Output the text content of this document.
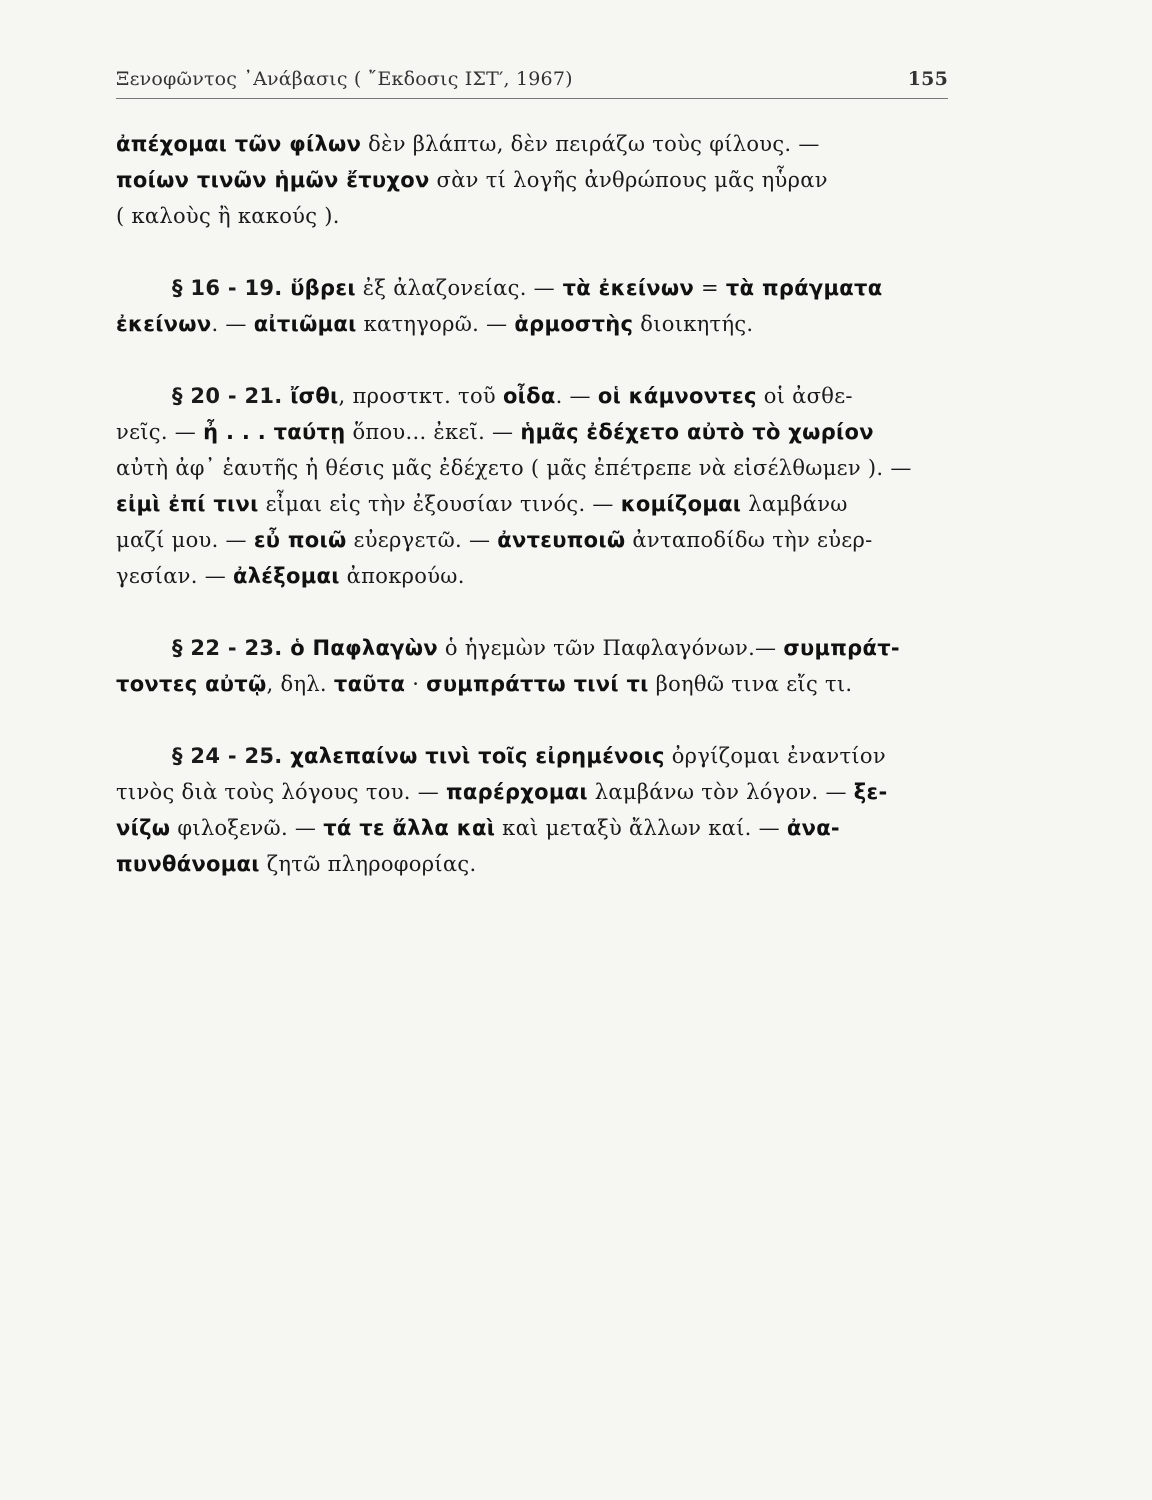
Ξενοφῶντος ᾿Ανάβασις ( ῎Εκδοσις ΙΣΤ′, 1967)	155
ἀπέχομαι τῶν φίλων δὲν βλάπτω, δὲν πειράζω τοὺς φίλους. —
ποίων τινῶν ἡμῶν ἔτυχον σὰν τί λογῆς ἀνθρώπους μᾶς ηὗραν
( καλοὺς ἢ κακούς ).
§ 16 - 19. ὕβρει ἐξ ἀλαζονείας. — τὰ ἐκείνων = τὰ πράγματα
ἐκείνων. — αἰτιῶμαι κατηγορῶ. — ἁρμοστὴς διοικητής.
§ 20 - 21. ἴσθι, προστκτ. τοῦ οἶδα. — οἱ κάμνοντες οἱ ἀσθε-
νεῖς. — ἦ . . . ταύτῃ ὅπου... ἐκεῖ. — ἡμᾶς ἐδέχετο αὐτὸ τὸ χωρίον
αὐτὴ ἀφ᾽ ἑαυτῆς ἡ θέσις μᾶς ἐδέχετο ( μᾶς ἐπέτρεπε νὰ εἰσέλθωμεν ). —
εἰμὶ ἐπί τινι εἶμαι εἰς τὴν ἐξουσίαν τινός. — κομίζομαι λαμβάνω
μαζί μου. — εὖ ποιῶ εὐεργετῶ. — ἀντευποιῶ ἀνταποδίδω τὴν εὐερ-
γεσίαν. — ἀλέξομαι ἀποκρούω.
§ 22 - 23. ὁ Παφλαγὼν ὁ ἡγεμὼν τῶν Παφλαγόνων.— συμπράτ-
τοντες αὐτῷ, δηλ. ταῦτα · συμπράττω τινί τι βοηθῶ τινα εἴς τι.
§ 24 - 25. χαλεπαίνω τινὶ τοῖς εἰρημένοις ὀργίζομαι ἐναντίον
τινὸς διὰ τοὺς λόγους του. — παρέρχομαι λαμβάνω τὸν λόγον. — ξε-
νίζω φιλοξενῶ. — τά τε ἄλλα καὶ καὶ μεταξὺ ἄλλων καί. — ἀνα-
πυνθάνομαι ζητῶ πληροφορίας.
